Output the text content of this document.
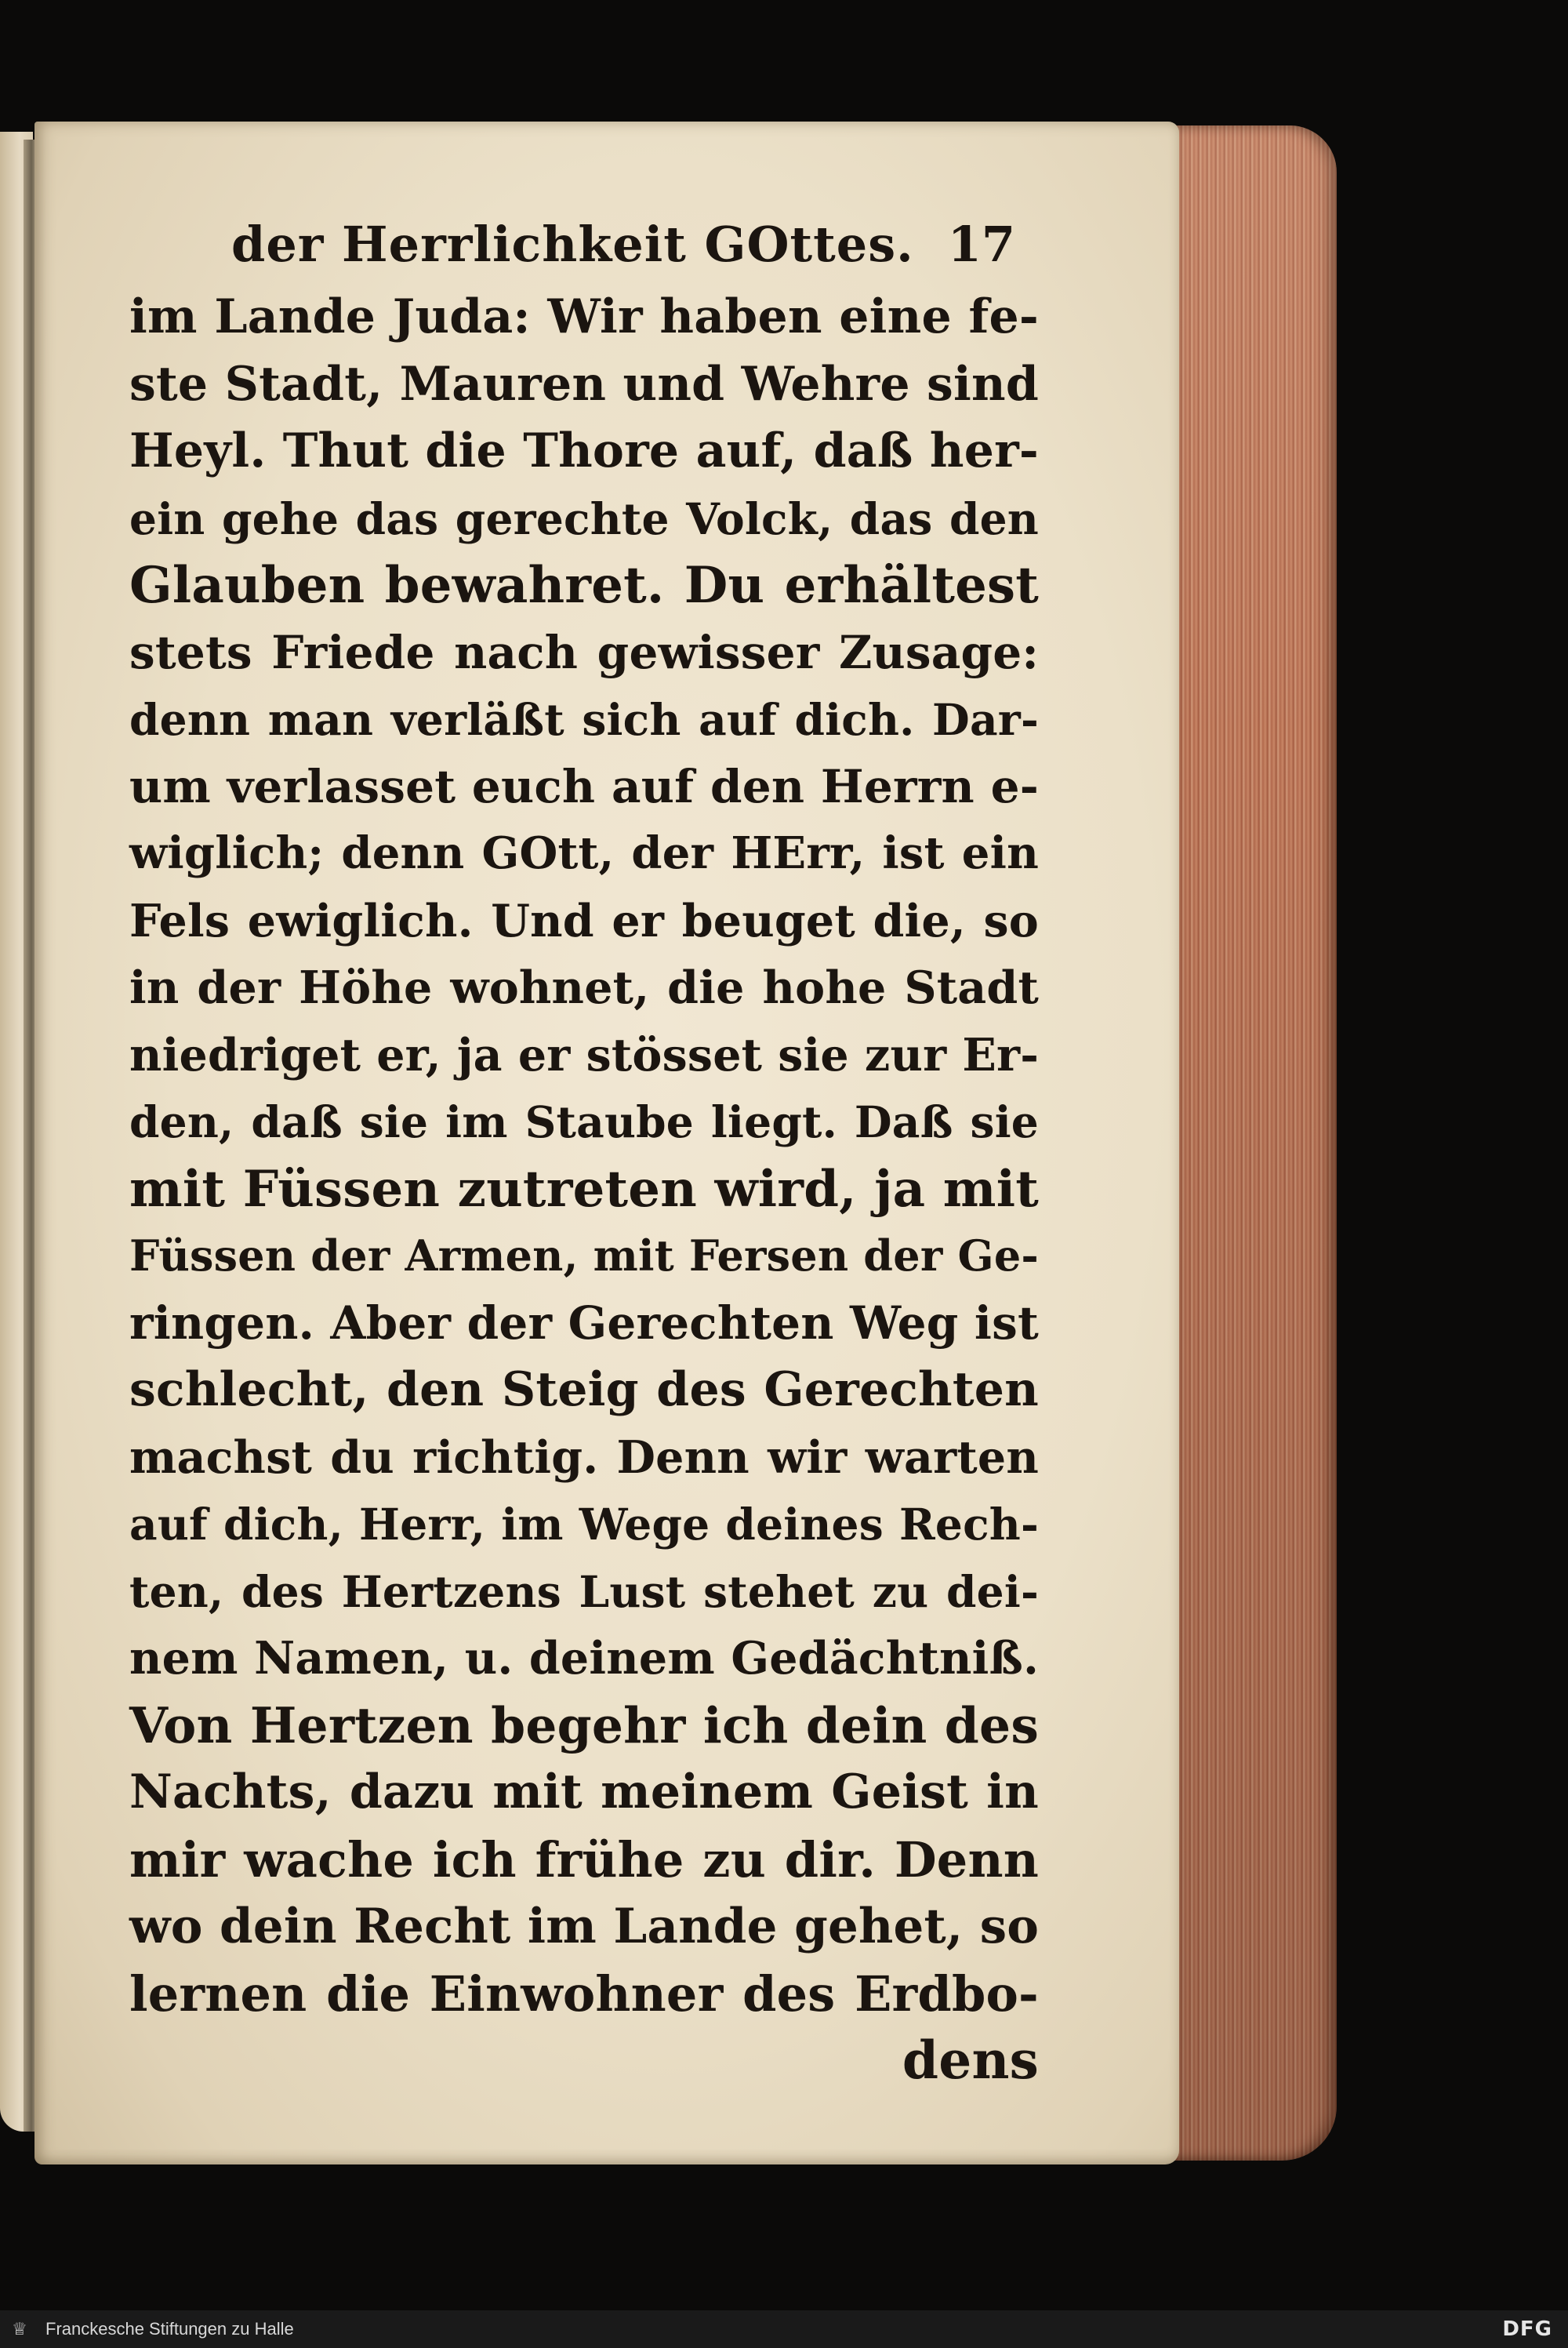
der Herrlichkeit GOttes. 17
im Lande Juda: Wir haben eine fe-
ste Stadt, Mauren und Wehre sind
Heyl. Thut die Thore auf, daß her-
ein gehe das gerechte Volck, das den
Glauben bewahret. Du erhältest
stets Friede nach gewisser Zusage:
denn man verläßt sich auf dich. Dar-
um verlasset euch auf den Herrn e-
wiglich; denn GOtt, der HErr, ist ein
Fels ewiglich. Und er beuget die, so
in der Höhe wohnet, die hohe Stadt
niedriget er, ja er stösset sie zur Er-
den, daß sie im Staube liegt. Daß sie
mit Füssen zutreten wird, ja mit
Füssen der Armen, mit Fersen der Ge-
ringen. Aber der Gerechten Weg ist
schlecht, den Steig des Gerechten
machst du richtig. Denn wir warten
auf dich, Herr, im Wege deines Rech-
ten, des Hertzens Lust stehet zu dei-
nem Namen, u. deinem Gedächtniß.
Von Hertzen begehr ich dein des
Nachts, dazu mit meinem Geist in
mir wache ich frühe zu dir. Denn
wo dein Recht im Lande gehet, so
lernen die Einwohner des Erdbo-
dens
♕ Franckesche Stiftungen zu Halle	DFG
